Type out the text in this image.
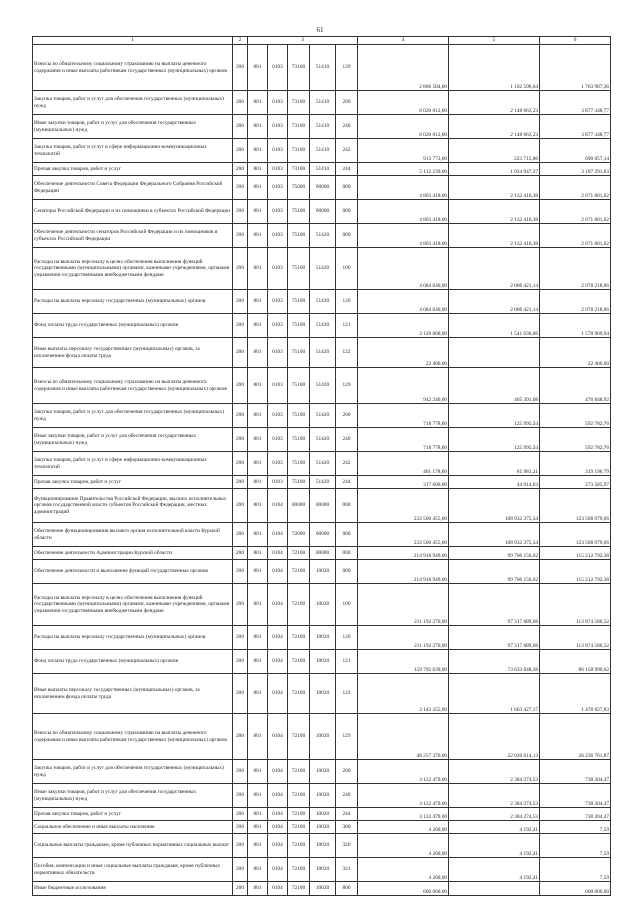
61
1	2	3					4	5	6
Взносы по обязательному социальному страхованию на выплаты денежного содержания и иные выплаты работникам государственных (муниципальных) органов	200	801	0103	73100	51410	129	2 866 584,00	1 102 596,64	1 763 987,36
Закупка товаров, работ и услуг для обеспечения государственных (муниципальных) нужд	200	801	0103	73100	51410	200	6 026 012,00	2 148 663,23	3 877 348,77
Иные закупки товаров, работ и услуг для обеспечения государственных (муниципальных) нужд	200	801	0103	73100	51410	240	6 026 012,00	2 148 663,23	3 877 348,77
Закупка товаров, работ и услуг в сфере информационно-коммуникационных технологий	200	801	0103	73100	51410	242	913 773,00	223 715,86	690 057,14
Прочая закупка товаров, работ и услуг	200	801	0103	73100	51410	244	5 112 239,00	1 924 947,37	3 187 291,63
Обеспечение деятельности Совета Федерации Федерального Собрания Российской Федерации	200	801	0103	75000	00000	000	4 803 418,00	2 132 416,38	2 671 001,62
Сенаторы Российской Федерации и их помощники в субъектах Российской Федерации	200	801	0103	75100	00000	000	4 803 418,00	2 132 416,38	2 671 001,62
Обеспечение деятельности сенаторов Российской Федерации и их помощников в субъектах Российской Федерации	200	801	0103	75100	51420	000	4 803 418,00	2 132 416,38	2 671 001,62
Расходы на выплаты персоналу в целях обеспечения выполнения функций государственными (муниципальными) органами, казенными учреждениями, органами управления государственными внебюджетными фондами	200	801	0103	75100	51420	100	4 084 640,00	2 006 421,14	2 078 218,86
Расходы на выплаты персоналу государственных (муниципальных) органов	200	801	0103	75100	51420	120	4 084 640,00	2 006 421,14	2 078 218,86
Фонд оплаты труда государственных (муниципальных) органов	200	801	0103	75100	51420	121	3 120 000,00	1 541 030,06	1 578 969,94
Иные выплаты персоналу государственных (муниципальных) органов, за исключением фонда оплаты труда	200	801	0103	75100	51420	122	22 400,00		22 400,00
Взносы по обязательному социальному страхованию на выплаты денежного содержания и иные выплаты работникам государственных (муниципальных) органов	200	801	0103	75100	51420	129	942 240,00	465 391,08	476 848,92
Закупка товаров, работ и услуг для обеспечения государственных (муниципальных) нужд	200	801	0103	75100	51420	200	718 778,00	125 995,24	592 782,76
Иные закупки товаров, работ и услуг для обеспечения государственных (муниципальных) нужд	200	801	0103	75100	51420	240	718 778,00	125 995,24	592 782,76
Закупка товаров, работ и услуг в сфере информационно-коммуникационных технологий	200	801	0103	75100	51420	242	401 178,00	81 981,21	319 196,79
Прочая закупка товаров, работ и услуг	200	801	0103	75100	51420	244	317 600,00	44 014,03	273 585,97
Функционирование Правительства Российской Федерации, высших исполнительных органов государственной власти субъектов Российской Федерации, местных администраций	200	801	0104	00000	00000	000	232 500 455,00	108 932 375,34	123 568 079,66
Обеспечение функционирования высшего органа исполнительной власти Курской области	200	801	0104	72000	00000	000	232 500 455,00	108 932 375,34	123 568 079,66
Обеспечение деятельности Администрации Курской области	200	801	0104	72100	00000	000	214 918 949,00	99 706 156,62	115 212 792,38
Обеспечение деятельности и выполнение функций государственных органов	200	801	0104	72100	10020	000	214 918 949,00	99 706 156,62	115 212 792,38
Расходы на выплаты персоналу в целях обеспечения выполнения функций государственными (муниципальными) органами, казенными учреждениями, органами управления государственными внебюджетными фондами	200	801	0104	72100	10020	100	211 192 270,00	97 317 689,68	113 874 580,32
Расходы на выплаты персоналу государственных (муниципальных) органов	200	801	0104	72100	10020	120	211 192 270,00	97 317 689,68	113 874 580,32
Фонд оплаты труда государственных (муниципальных) органов	200	801	0104	72100	10020	121	159 792 639,00	73 633 648,38	86 158 990,62
Иные выплаты персоналу государственных (муниципальных) органов, за исключением фонда оплаты труда	200	801	0104	72100	10020	122	3 142 255,00	1 663 427,17	1 478 827,83
Взносы по обязательному социальному страхованию на выплаты денежного содержания и иные выплаты работникам государственных (муниципальных) органов	200	801	0104	72100	10020	129	48 257 376,00	22 020 614,13	26 236 761,87
Закупка товаров, работ и услуг для обеспечения государственных (муниципальных) нужд	200	801	0104	72100	10020	200	3 122 479,00	2 384 274,53	738 204,47
Иные закупки товаров, работ и услуг для обеспечения государственных (муниципальных) нужд	200	801	0104	72100	10020	240	3 122 479,00	2 384 274,53	738 204,47
Прочая закупка товаров, работ и услуг	200	801	0104	72100	10020	244	3 122 479,00	2 384 274,53	738 204,47
Социальное обеспечение и иные выплаты населению	200	801	0104	72100	10020	300	4 200,00	4 192,41	7,59
Социальные выплаты гражданам, кроме публичных нормативных социальных выплат	200	801	0104	72100	10020	320	4 200,00	4 192,41	7,59
Пособия, компенсации и иные социальные выплаты гражданам, кроме публичных нормативных обязательств	200	801	0104	72100	10020	321	4 200,00	4 192,41	7,59
Иные бюджетные ассигнования	200	801	0104	72100	10020	800	600 000,00		600 000,00
